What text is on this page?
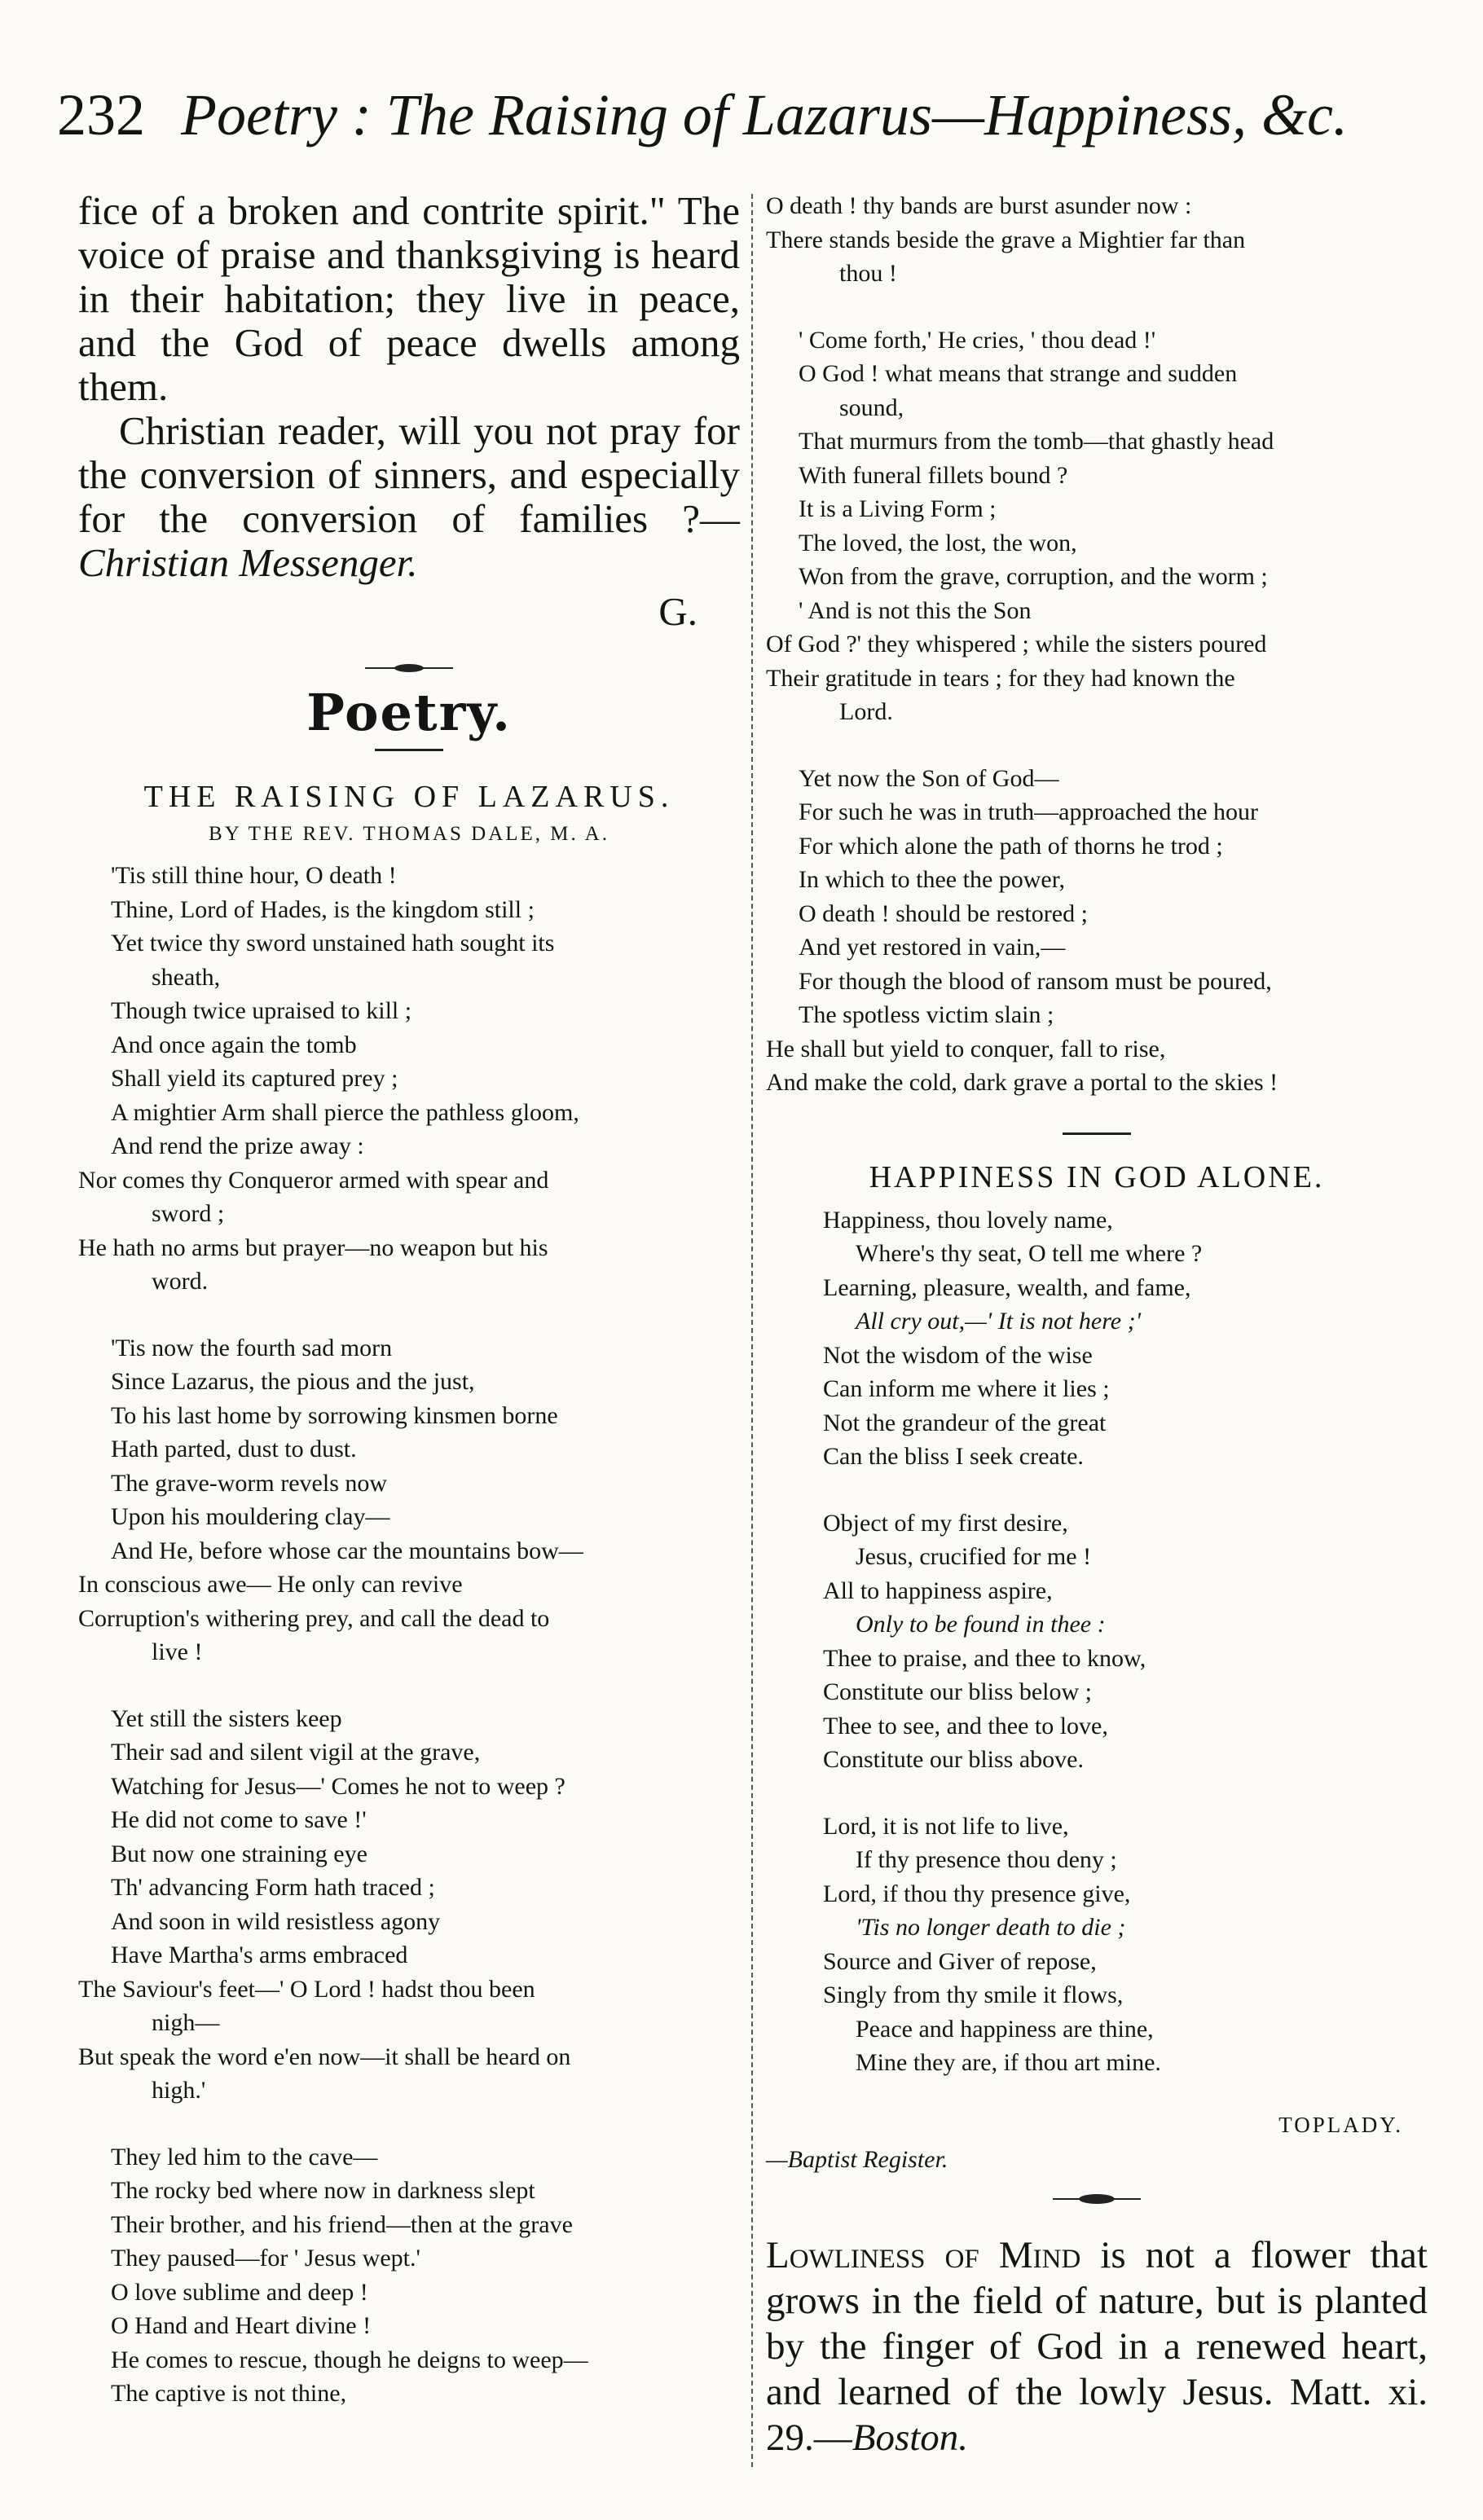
232 Poetry : The Raising of Lazarus—Happiness, &c.

fice of a broken and contrite spirit." The voice of praise and thanksgiving is heard in their habitation; they live in peace, and the God of peace dwells among them.

Christian reader, will you not pray for the conversion of sinners, and especially for the conversion of families ?—Christian Messenger.

G.
Poetry.
THE RAISING OF LAZARUS.
BY THE REV. THOMAS DALE, M. A.
'Tis still thine hour, O death !
Thine, Lord of Hades, is the kingdom still ;
Yet twice thy sword unstained hath sought its
sheath,
Though twice upraised to kill ;
And once again the tomb
Shall yield its captured prey ;
A mightier Arm shall pierce the pathless gloom,
And rend the prize away :
Nor comes thy Conqueror armed with spear and
sword ;
He hath no arms but prayer—no weapon but his
word.
'Tis now the fourth sad morn
Since Lazarus, the pious and the just,
To his last home by sorrowing kinsmen borne
Hath parted, dust to dust.
The grave-worm revels now
Upon his mouldering clay—
And He, before whose car the mountains bow—
In conscious awe— He only can revive
Corruption's withering prey, and call the dead to
live !
Yet still the sisters keep
Their sad and silent vigil at the grave,
Watching for Jesus—' Comes he not to weep ?
He did not come to save !'
But now one straining eye
Th' advancing Form hath traced ;
And soon in wild resistless agony
Have Martha's arms embraced
The Saviour's feet—' O Lord ! hadst thou been
nigh—
But speak the word e'en now—it shall be heard on
high.'
They led him to the cave—
The rocky bed where now in darkness slept
Their brother, and his friend—then at the grave
They paused—for ' Jesus wept.'
O love sublime and deep !
O Hand and Heart divine !
He comes to rescue, though he deigns to weep—
The captive is not thine,
O death ! thy bands are burst asunder now :
There stands beside the grave a Mightier far than
thou !
' Come forth,' He cries, ' thou dead !'
O God ! what means that strange and sudden
sound,
That murmurs from the tomb—that ghastly head
With funeral fillets bound ?
It is a Living Form ;
The loved, the lost, the won,
Won from the grave, corruption, and the worm ;
' And is not this the Son
Of God ?' they whispered ; while the sisters poured
Their gratitude in tears ; for they had known the
Lord.
Yet now the Son of God—
For such he was in truth—approached the hour
For which alone the path of thorns he trod ;
In which to thee the power,
O death ! should be restored ;
And yet restored in vain,—
For though the blood of ransom must be poured,
The spotless victim slain ;
He shall but yield to conquer, fall to rise,
And make the cold, dark grave a portal to the skies !
HAPPINESS IN GOD ALONE.
Happiness, thou lovely name,
Where's thy seat, O tell me where ?
Learning, pleasure, wealth, and fame,
All cry out,—' It is not here ;'
Not the wisdom of the wise
Can inform me where it lies ;
Not the grandeur of the great
Can the bliss I seek create.
Object of my first desire,
Jesus, crucified for me !
All to happiness aspire,
Only to be found in thee :
Thee to praise, and thee to know,
Constitute our bliss below ;
Thee to see, and thee to love,
Constitute our bliss above.
Lord, it is not life to live,
If thy presence thou deny ;
Lord, if thou thy presence give,
'Tis no longer death to die ;
Source and Giver of repose,
Singly from thy smile it flows,
Peace and happiness are thine,
Mine they are, if thou art mine.
TOPLADY.
—Baptist Register.
Lowliness of Mind is not a flower that grows in the field of nature, but is planted by the finger of God in a renewed heart, and learned of the lowly Jesus. Matt. xi. 29.—Boston.
